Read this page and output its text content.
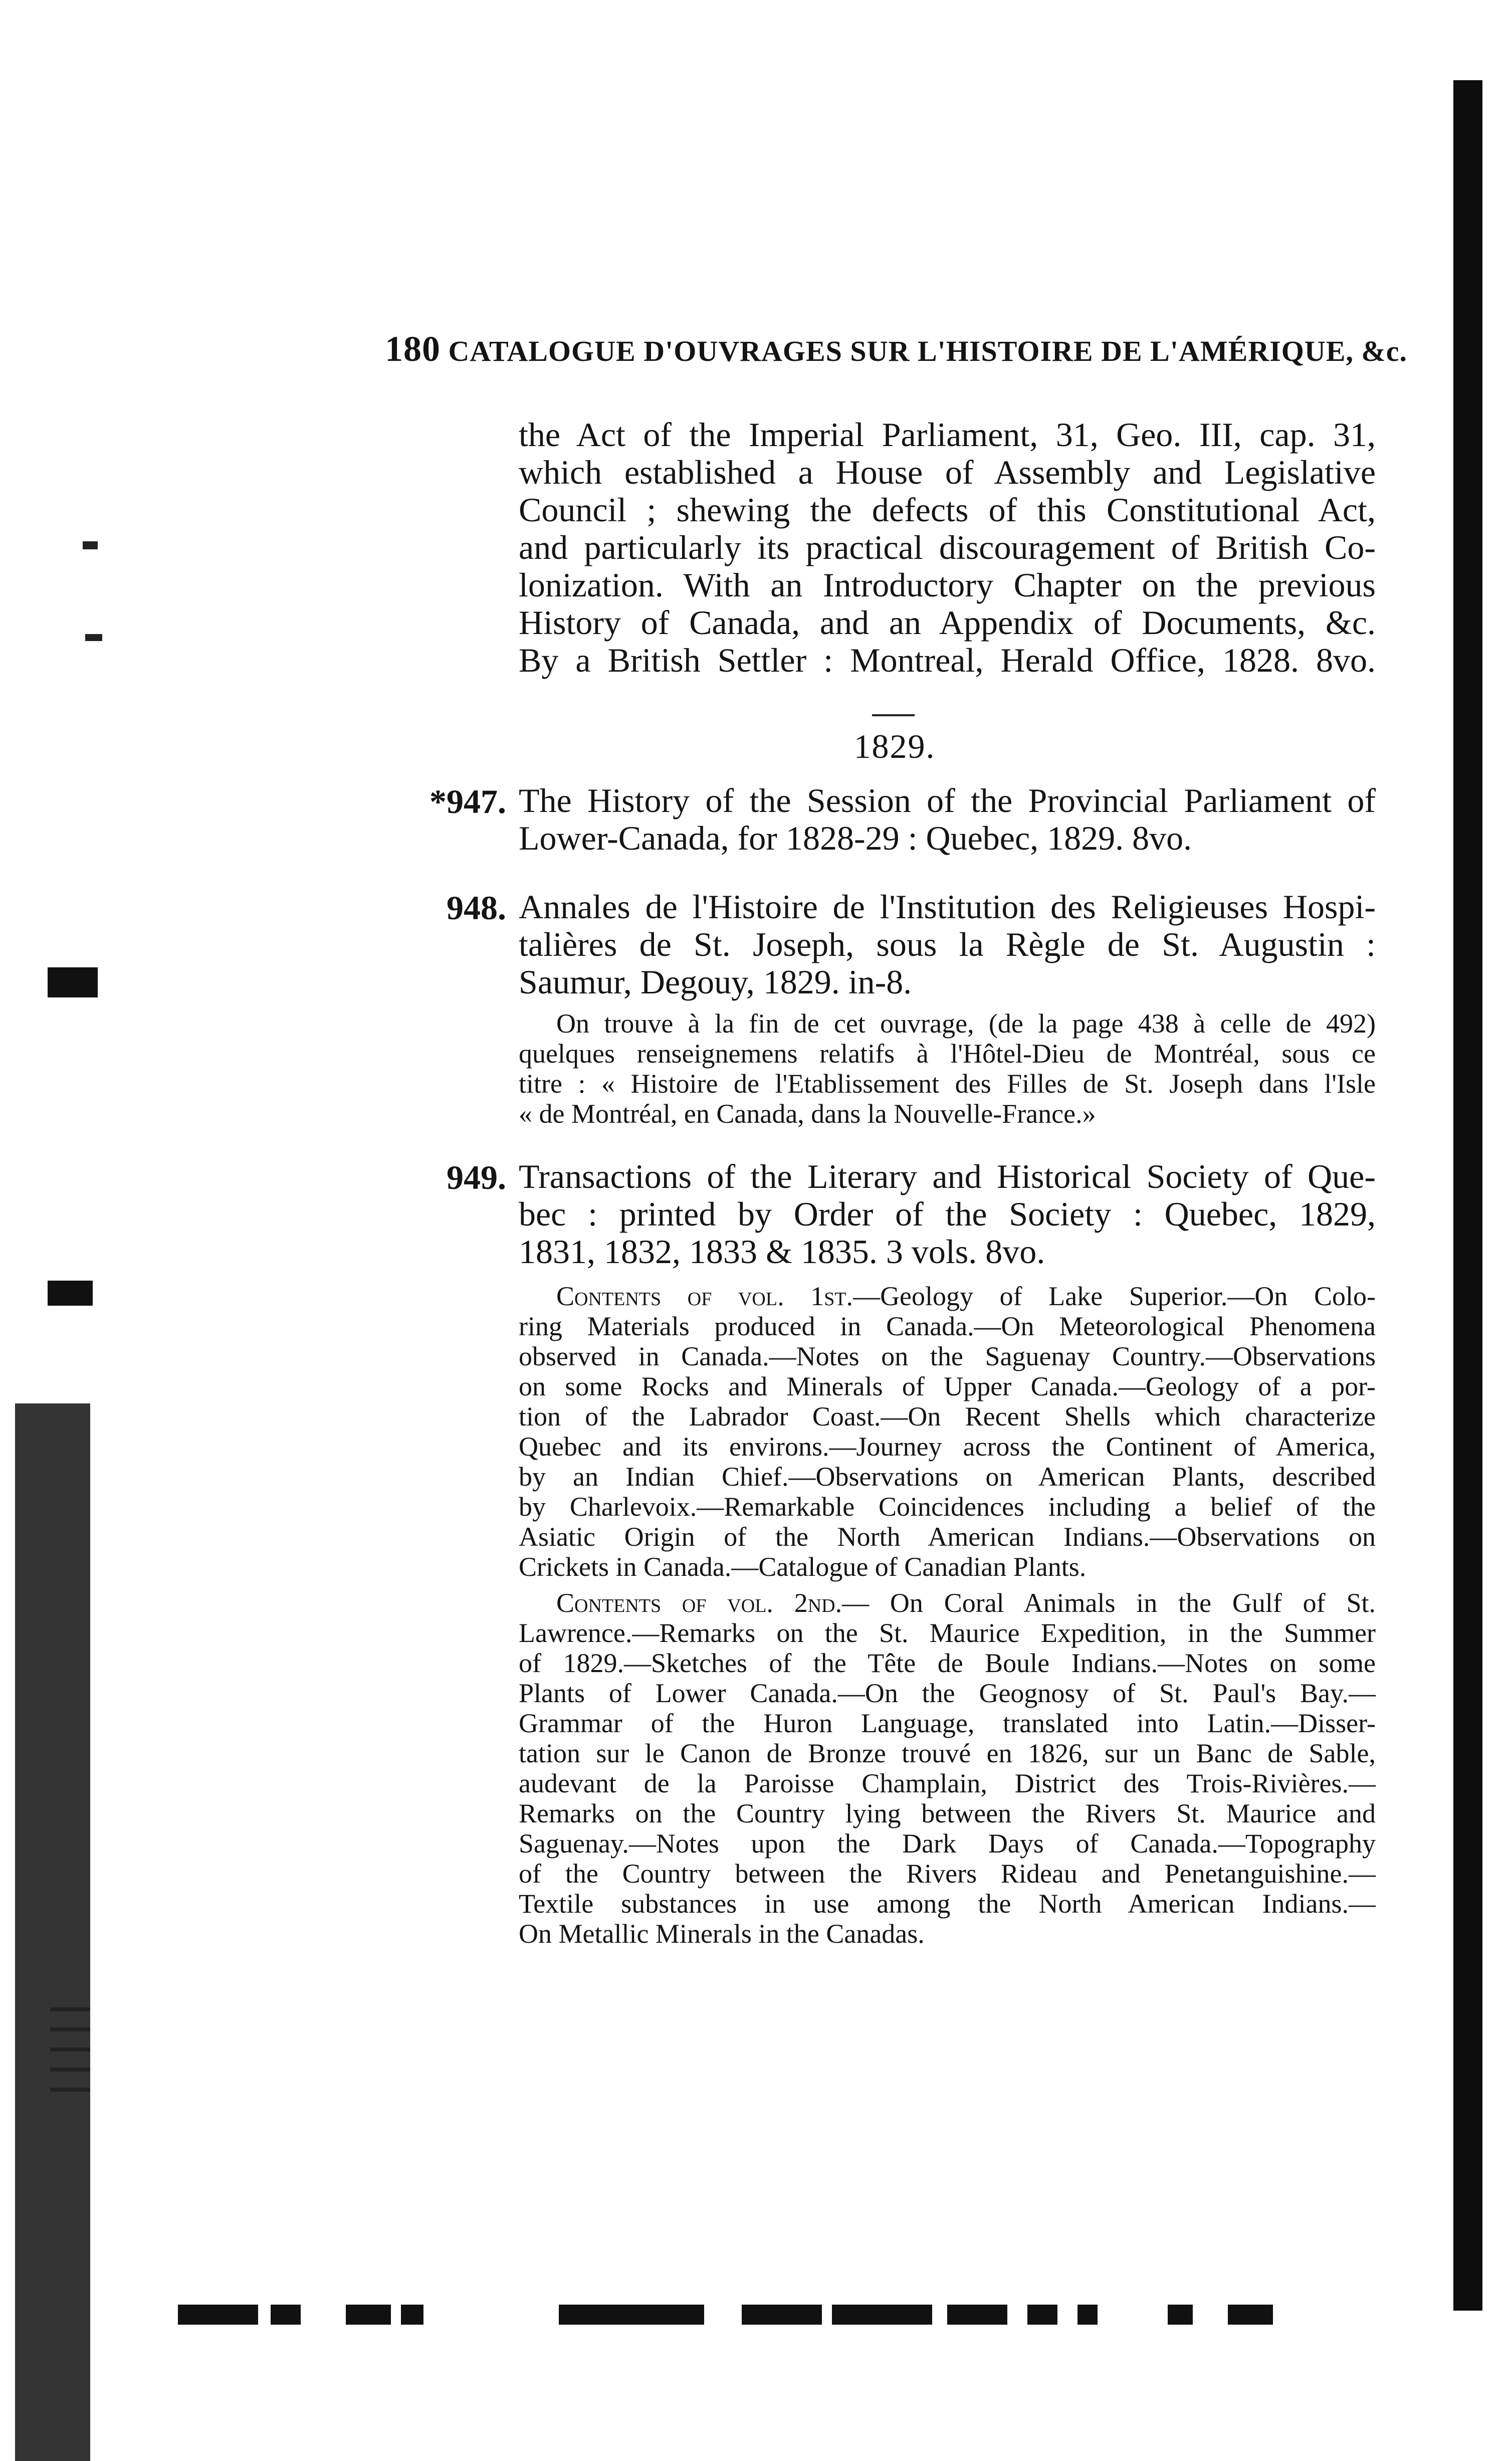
180 CATALOGUE D'OUVRAGES SUR L'HISTOIRE DE L'AMÉRIQUE, &c.
the Act of the Imperial Parliament, 31, Geo. III, cap. 31,
which established a House of Assembly and Legislative
Council ; shewing the defects of this Constitutional Act,
and particularly its practical discouragement of British Co-
lonization. With an Introductory Chapter on the previous
History of Canada, and an Appendix of Documents, &c.
By a British Settler : Montreal, Herald Office, 1828. 8vo.
1829.
*947. The History of the Session of the Provincial Parliament of
Lower-Canada, for 1828-29 : Quebec, 1829. 8vo.
948. Annales de l'Histoire de l'Institution des Religieuses Hospi-
talières de St. Joseph, sous la Règle de St. Augustin :
Saumur, Degouy, 1829. in-8.
On trouve à la fin de cet ouvrage, (de la page 438 à celle de 492)
quelques renseignemens relatifs à l'Hôtel-Dieu de Montréal, sous ce
titre : « Histoire de l'Etablissement des Filles de St. Joseph dans l'Isle
« de Montréal, en Canada, dans la Nouvelle-France.»
949. Transactions of the Literary and Historical Society of Que-
bec : printed by Order of the Society : Quebec, 1829,
1831, 1832, 1833 & 1835. 3 vols. 8vo.
Contents of vol. 1st.—Geology of Lake Superior.—On Colo-
ring Materials produced in Canada.—On Meteorological Phenomena
observed in Canada.—Notes on the Saguenay Country.—Observations
on some Rocks and Minerals of Upper Canada.—Geology of a por-
tion of the Labrador Coast.—On Recent Shells which characterize
Quebec and its environs.—Journey across the Continent of America,
by an Indian Chief.—Observations on American Plants, described
by Charlevoix.—Remarkable Coincidences including a belief of the
Asiatic Origin of the North American Indians.—Observations on
Crickets in Canada.—Catalogue of Canadian Plants.
Contents of vol. 2nd.— On Coral Animals in the Gulf of St.
Lawrence.—Remarks on the St. Maurice Expedition, in the Summer
of 1829.—Sketches of the Tête de Boule Indians.—Notes on some
Plants of Lower Canada.—On the Geognosy of St. Paul's Bay.—
Grammar of the Huron Language, translated into Latin.—Disser-
tation sur le Canon de Bronze trouvé en 1826, sur un Banc de Sable,
audevant de la Paroisse Champlain, District des Trois-Rivières.—
Remarks on the Country lying between the Rivers St. Maurice and
Saguenay.—Notes upon the Dark Days of Canada.—Topography
of the Country between the Rivers Rideau and Penetanguishine.—
Textile substances in use among the North American Indians.—
On Metallic Minerals in the Canadas.
